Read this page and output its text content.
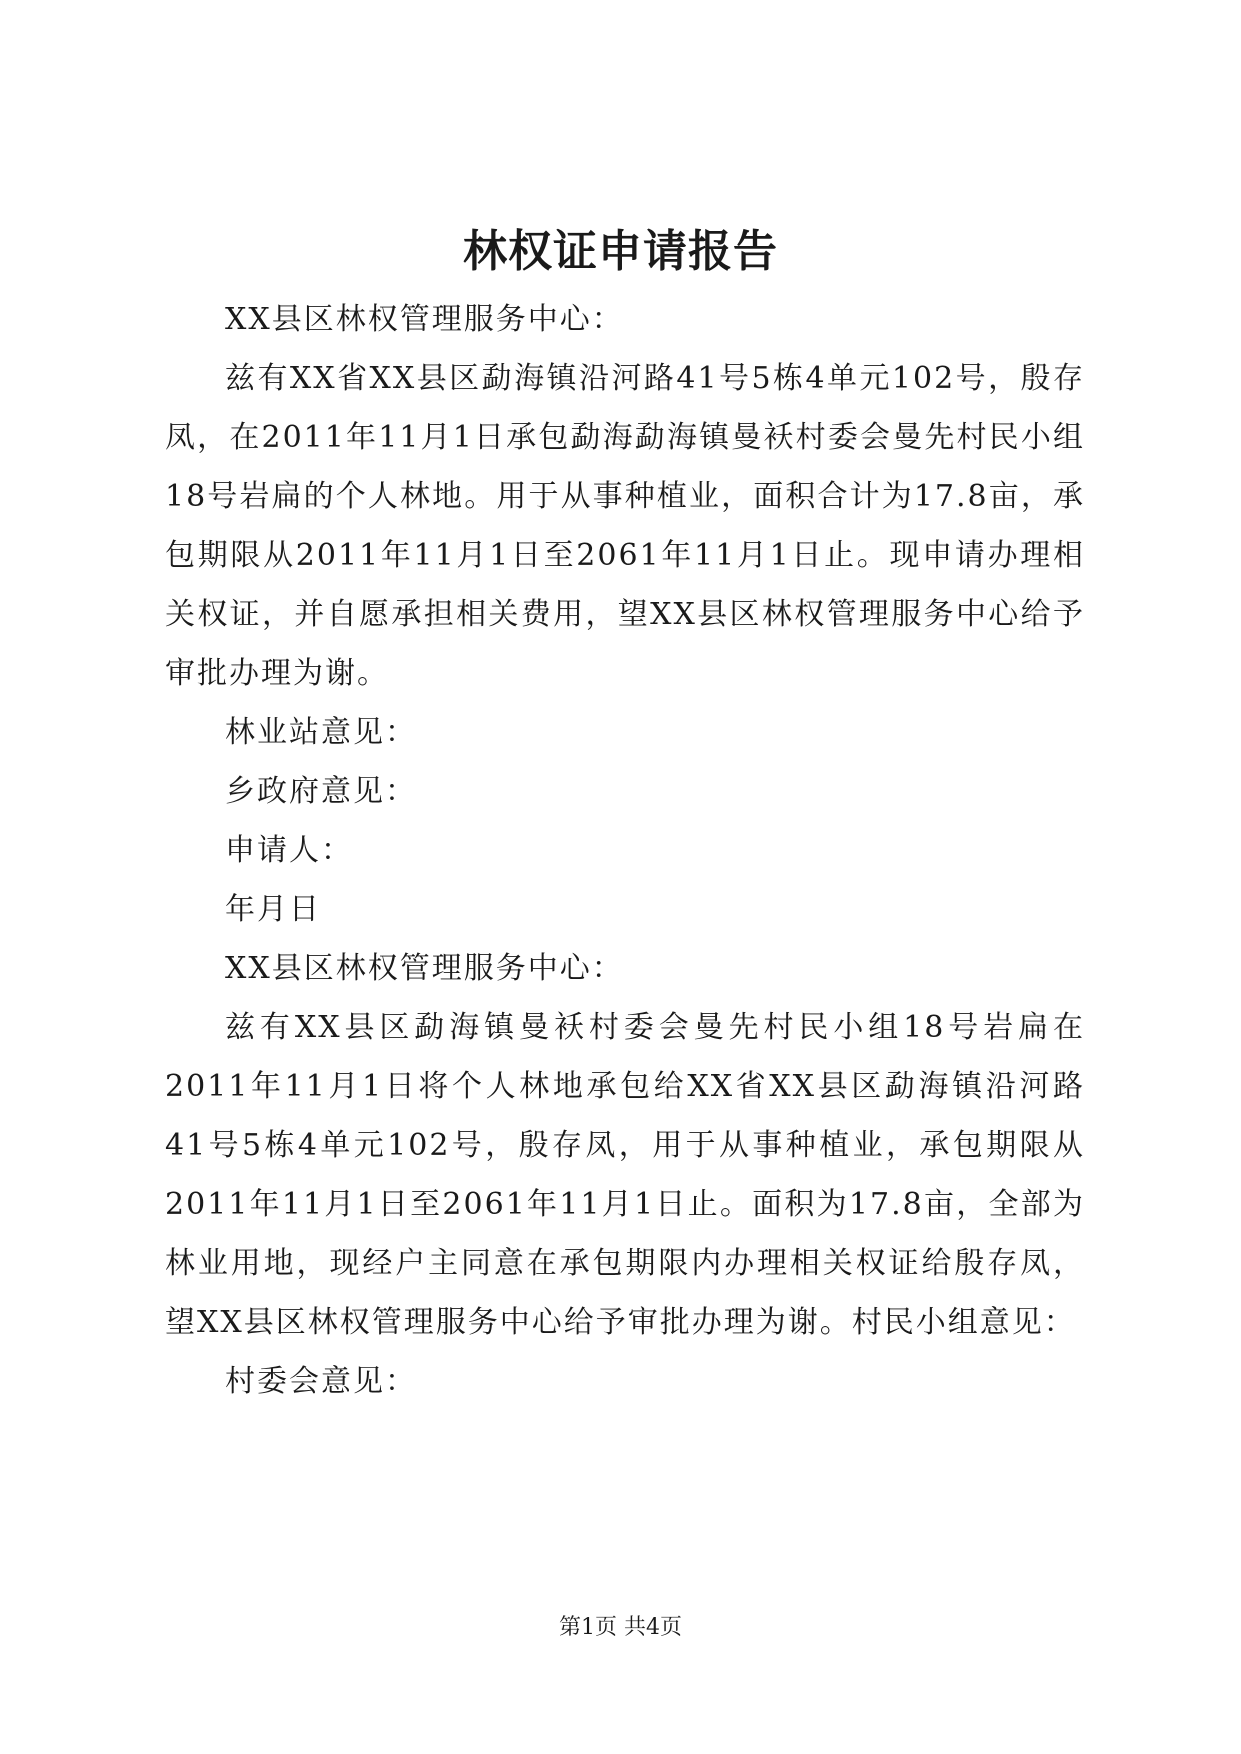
林权证申请报告

XX县区林权管理服务中心：

兹有XX省XX县区勐海镇沿河路41号5栋4单元102号，殷存凤，在2011年11月1日承包勐海勐海镇曼袄村委会曼先村民小组18号岩扁的个人林地。用于从事种植业，面积合计为17.8亩，承包期限从2011年11月1日至2061年11月1日止。现申请办理相关权证，并自愿承担相关费用，望XX县区林权管理服务中心给予审批办理为谢。

林业站意见：

乡政府意见：

申请人：

年月日

XX县区林权管理服务中心：

兹有XX县区勐海镇曼袄村委会曼先村民小组18号岩扁在2011年11月1日将个人林地承包给XX省XX县区勐海镇沿河路41号5栋4单元102号，殷存凤，用于从事种植业，承包期限从2011年11月1日至2061年11月1日止。面积为17.8亩，全部为林业用地，现经户主同意在承包期限内办理相关权证给殷存凤，望XX县区林权管理服务中心给予审批办理为谢。村民小组意见：

村委会意见：

第1页 共4页
